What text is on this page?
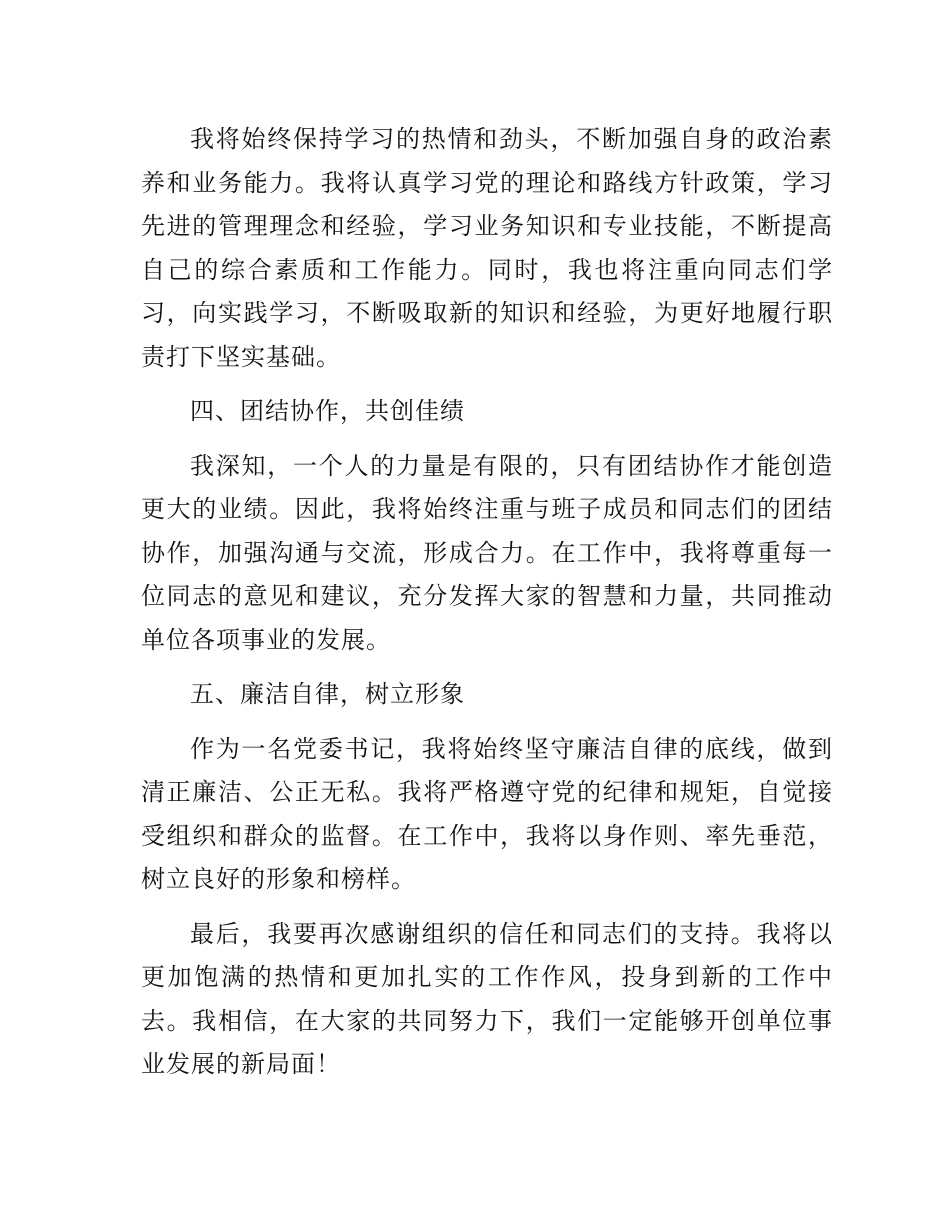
我将始终保持学习的热情和劲头，不断加强自身的政治素养和业务能力。我将认真学习党的理论和路线方针政策，学习先进的管理理念和经验，学习业务知识和专业技能，不断提高自己的综合素质和工作能力。同时，我也将注重向同志们学习，向实践学习，不断吸取新的知识和经验，为更好地履行职责打下坚实基础。

四、团结协作，共创佳绩

我深知，一个人的力量是有限的，只有团结协作才能创造更大的业绩。因此，我将始终注重与班子成员和同志们的团结协作，加强沟通与交流，形成合力。在工作中，我将尊重每一位同志的意见和建议，充分发挥大家的智慧和力量，共同推动单位各项事业的发展。

五、廉洁自律，树立形象

作为一名党委书记，我将始终坚守廉洁自律的底线，做到清正廉洁、公正无私。我将严格遵守党的纪律和规矩，自觉接受组织和群众的监督。在工作中，我将以身作则、率先垂范，树立良好的形象和榜样。

最后，我要再次感谢组织的信任和同志们的支持。我将以更加饱满的热情和更加扎实的工作作风，投身到新的工作中去。我相信，在大家的共同努力下，我们一定能够开创单位事业发展的新局面！
